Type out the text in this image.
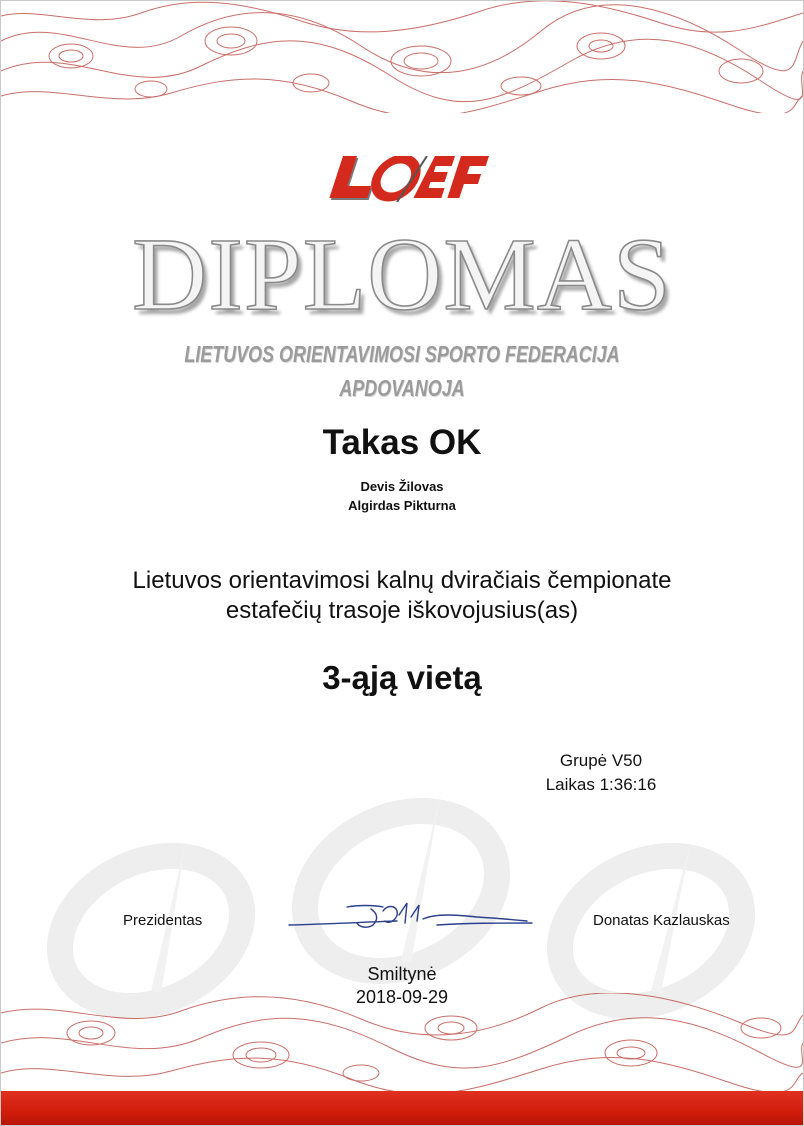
DIPLOMAS
LIETUVOS ORIENTAVIMOSI SPORTO FEDERACIJA
APDOVANOJA
Takas OK
Devis Žilovas
Algirdas Pikturna
Lietuvos orientavimosi kalnų dviračiais čempionate
estafečių trasoje iškovojusius(as)
3-ąją vietą
Grupė V50
Laikas 1:36:16
Prezidentas	Donatas Kazlauskas
Smiltynė
2018-09-29
